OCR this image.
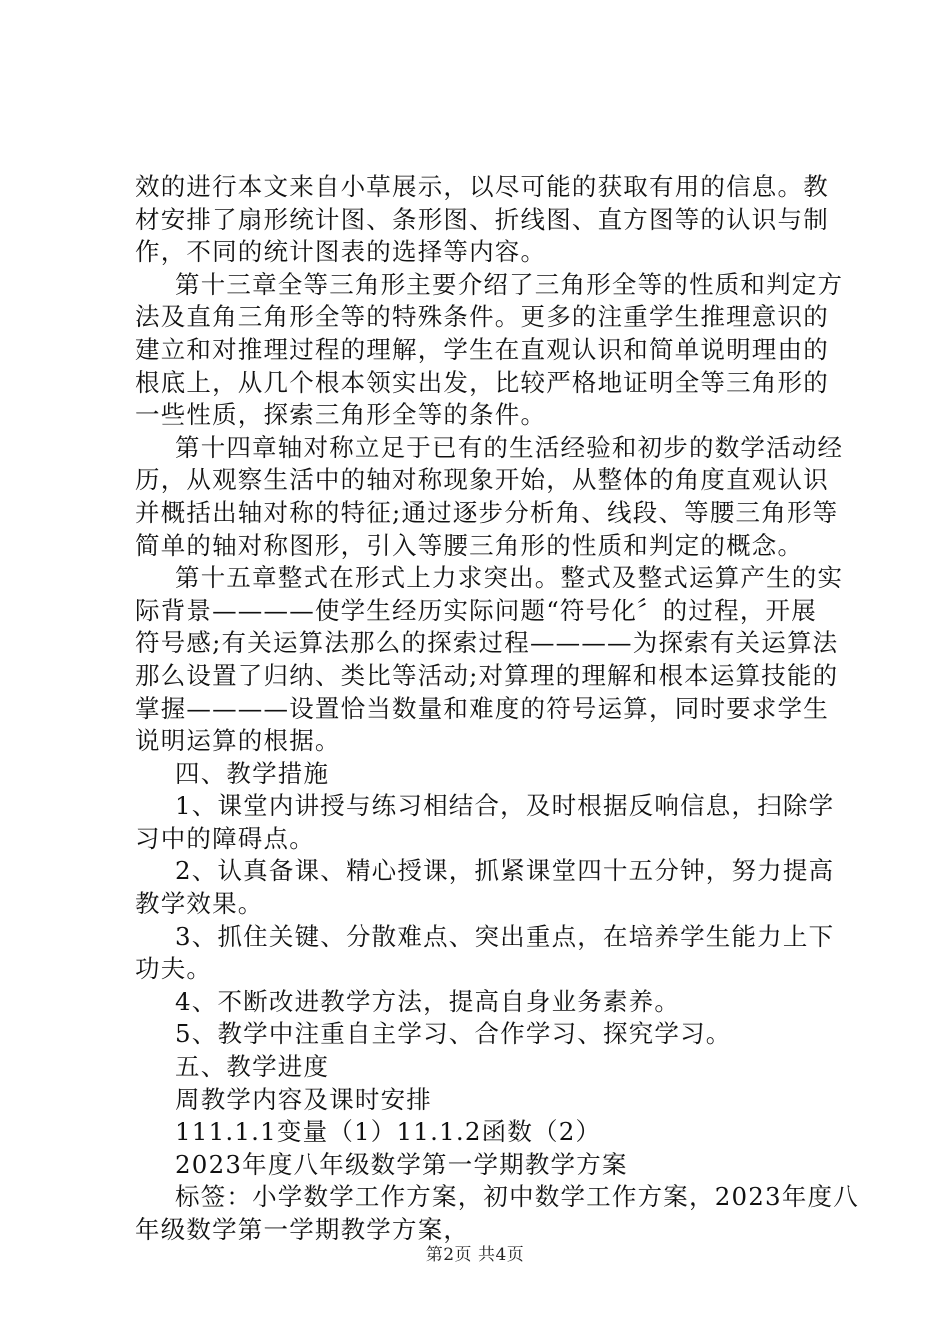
效的进行本文来自小草展示，以尽可能的获取有用的信息。教
材安排了扇形统计图、条形图、折线图、直方图等的认识与制
作，不同的统计图表的选择等内容。
第十三章全等三角形主要介绍了三角形全等的性质和判定方
法及直角三角形全等的特殊条件。更多的注重学生推理意识的
建立和对推理过程的理解，学生在直观认识和简单说明理由的
根底上，从几个根本领实出发，比较严格地证明全等三角形的
一些性质，探索三角形全等的条件。
第十四章轴对称立足于已有的生活经验和初步的数学活动经
历，从观察生活中的轴对称现象开始，从整体的角度直观认识
并概括出轴对称的特征;通过逐步分析角、线段、等腰三角形等
简单的轴对称图形，引入等腰三角形的性质和判定的概念。
第十五章整式在形式上力求突出。整式及整式运算产生的实
际背景————使学生经历实际问题“符号化〞的过程，开展
符号感;有关运算法那么的探索过程————为探索有关运算法
那么设置了归纳、类比等活动;对算理的理解和根本运算技能的
掌握————设置恰当数量和难度的符号运算，同时要求学生
说明运算的根据。
四、教学措施
1、课堂内讲授与练习相结合，及时根据反响信息，扫除学
习中的障碍点。
2、认真备课、精心授课，抓紧课堂四十五分钟，努力提高
教学效果。
3、抓住关键、分散难点、突出重点，在培养学生能力上下
功夫。
4、不断改进教学方法，提高自身业务素养。
5、教学中注重自主学习、合作学习、探究学习。
五、教学进度
周教学内容及课时安排
111.1.1变量（1）11.1.2函数（2）
2023年度八年级数学第一学期教学方案
标签：小学数学工作方案，初中数学工作方案，2023年度八
年级数学第一学期教学方案，
第2页 共4页
